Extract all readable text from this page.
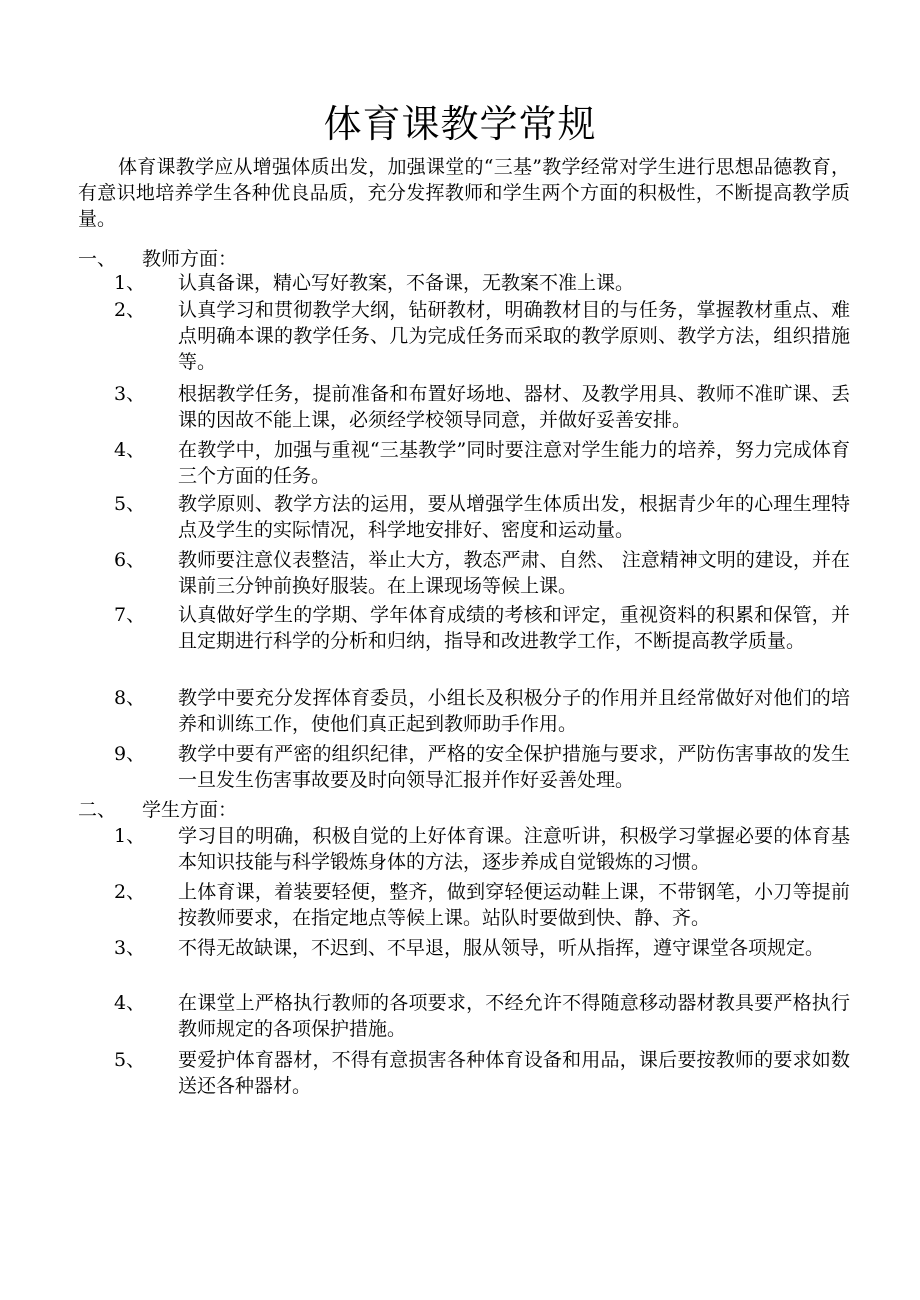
体育课教学常规
体育课教学应从增强体质出发，加强课堂的“三基”教学经常对学生进行思想品德教育，有意识地培养学生各种优良品质，充分发挥教师和学生两个方面的积极性，不断提高教学质量。
一、 教师方面：
1、	认真备课，精心写好教案，不备课，无教案不准上课。
2、	认真学习和贯彻教学大纲，钻研教材，明确教材目的与任务，掌握教材重点、难点明确本课的教学任务、几为完成任务而采取的教学原则、教学方法，组织措施等。
3、	根据教学任务，提前准备和布置好场地、器材、及教学用具、教师不准旷课、丢课的因故不能上课，必须经学校领导同意，并做好妥善安排。
4、	在教学中，加强与重视“三基教学”同时要注意对学生能力的培养，努力完成体育三个方面的任务。
5、	教学原则、教学方法的运用，要从增强学生体质出发，根据青少年的心理生理特点及学生的实际情况，科学地安排好、密度和运动量。
6、	教师要注意仪表整洁，举止大方，教态严肃、自然、 注意精神文明的建设，并在课前三分钟前换好服装。在上课现场等候上课。
7、	认真做好学生的学期、学年体育成绩的考核和评定，重视资料的积累和保管，并且定期进行科学的分析和归纳，指导和改进教学工作，不断提高教学质量。
8、	教学中要充分发挥体育委员，小组长及积极分子的作用并且经常做好对他们的培养和训练工作，使他们真正起到教师助手作用。
9、	教学中要有严密的组织纪律，严格的安全保护措施与要求，严防伤害事故的发生一旦发生伤害事故要及时向领导汇报并作好妥善处理。
二、 学生方面：
1、	学习目的明确，积极自觉的上好体育课。注意听讲，积极学习掌握必要的体育基本知识技能与科学锻炼身体的方法，逐步养成自觉锻炼的习惯。
2、	上体育课，着装要轻便，整齐，做到穿轻便运动鞋上课，不带钢笔，小刀等提前按教师要求，在指定地点等候上课。站队时要做到快、静、齐。
3、	不得无故缺课，不迟到、不早退，服从领导，听从指挥，遵守课堂各项规定。
4、	在课堂上严格执行教师的各项要求，不经允许不得随意移动器材教具要严格执行教师规定的各项保护措施。
5、	要爱护体育器材，不得有意损害各种体育设备和用品，课后要按教师的要求如数送还各种器材。
